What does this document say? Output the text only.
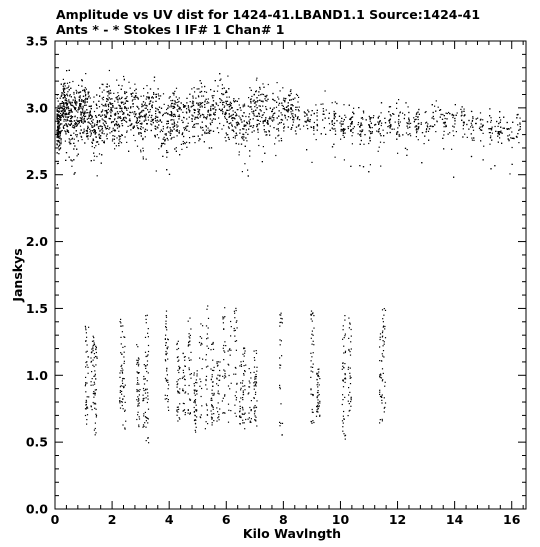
Amplitude vs UV dist for 1424-41.LBAND1.1 Source:1424-41
Ants * - * Stokes I IF# 1 Chan# 1
0	2	4	6	8	10	12	14	16
0.0
0.5
1.0
1.5
2.0
2.5
3.0
3.5
Kilo Wavlngth
Janskys
